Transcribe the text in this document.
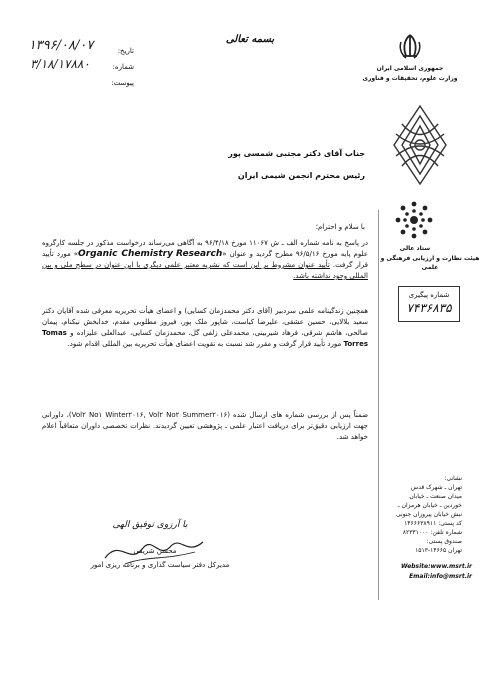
جمهوری اسلامی ایران
وزارت علوم، تحقیقات و فناوری
بسمه تعالی
تاریخ:
۱۳۹۶/۰۸/۰۷
شماره:
۳/۱۸/۱۷۸۸۰
پیوست:
ستاد عالی
هیئت نظارت و ارزیابی فرهنگی و علمی
شماره پیگیری
۷۴۳۶۸۳۵
جناب آقای دکتر مجتبی شمسی پور
رئیس محترم انجمن شیمی ایران
با سلام و احترام؛
در پاسخ به نامه شماره الف ـ ش ۱۱۰۶۷ مورخ ۹۶/۴/۱۸ به آگاهی می‌رساند درخواست مذکور در جلسه کارگروه علوم پایه مورخ ۹۶/۵/۱۶ مطرح گردید و عنوان «Organic Chemistry Research» مورد تأیید قرار گرفت. تأیید عنوان مشروط بر این است که نشریه معتبر علمی دیگری با این عنوان در سطح ملی و بین المللی وجود نداشته باشد.
همچنین زندگینامه علمی سردبیر (آقای دکتر محمدزمان کسایی) و اعضای هیأت تحریریه معرفی شده آقایان دکتر سعید بلالایی، حسین عشقی، علیرضا کیاست، شاپور ملک پور، فیروز مطلوبی مقدم، خدابخش نیکنام، پیمان صالحی، هاشم شرقی، فرهاد شیربینی، محمدعلی زلفی گل، محمدزمان کسایی، عبدالعلی علیزاده و Tomas Torres مورد تأیید قرار گرفت و مقرر شد نسبت به تقویت اعضای هیأت تحریریه بین المللی اقدام شود.
ضمناً پس از بررسی شماره های ارسال شده (Vol۲ No۱ Winter۲۰۱۶, Vol۲ No۲ Summer۲۰۱۶)، داورانی جهت ارزیابی دقیق‌تر برای دریافت اعتبار علمی ـ پژوهشی تعیین گردیدند. نظرات تخصصی داوران متعاقباً اعلام خواهد شد.
با آرزوی توفیق الهی
محسن شریفی
مدیرکل دفتر سیاست گذاری و برنامه ریزی امور
نشانی:
تهران ـ شهرک قدس
میدان صنعت ـ خیابان
خوردین ـ خیابان هرمزان ـ
نبش خیابان پیروزان جنوبی
کد پستی: ۱۴۶۶۶۳۸۹۱۱
شماره تلفن: ۸۲۳۳۱۰۰۰
صندوق پستی:
تهران ۱۴۶۶۵-۱۵۱۳
Website:www.msrt.ir
Email:info@msrt.ir
